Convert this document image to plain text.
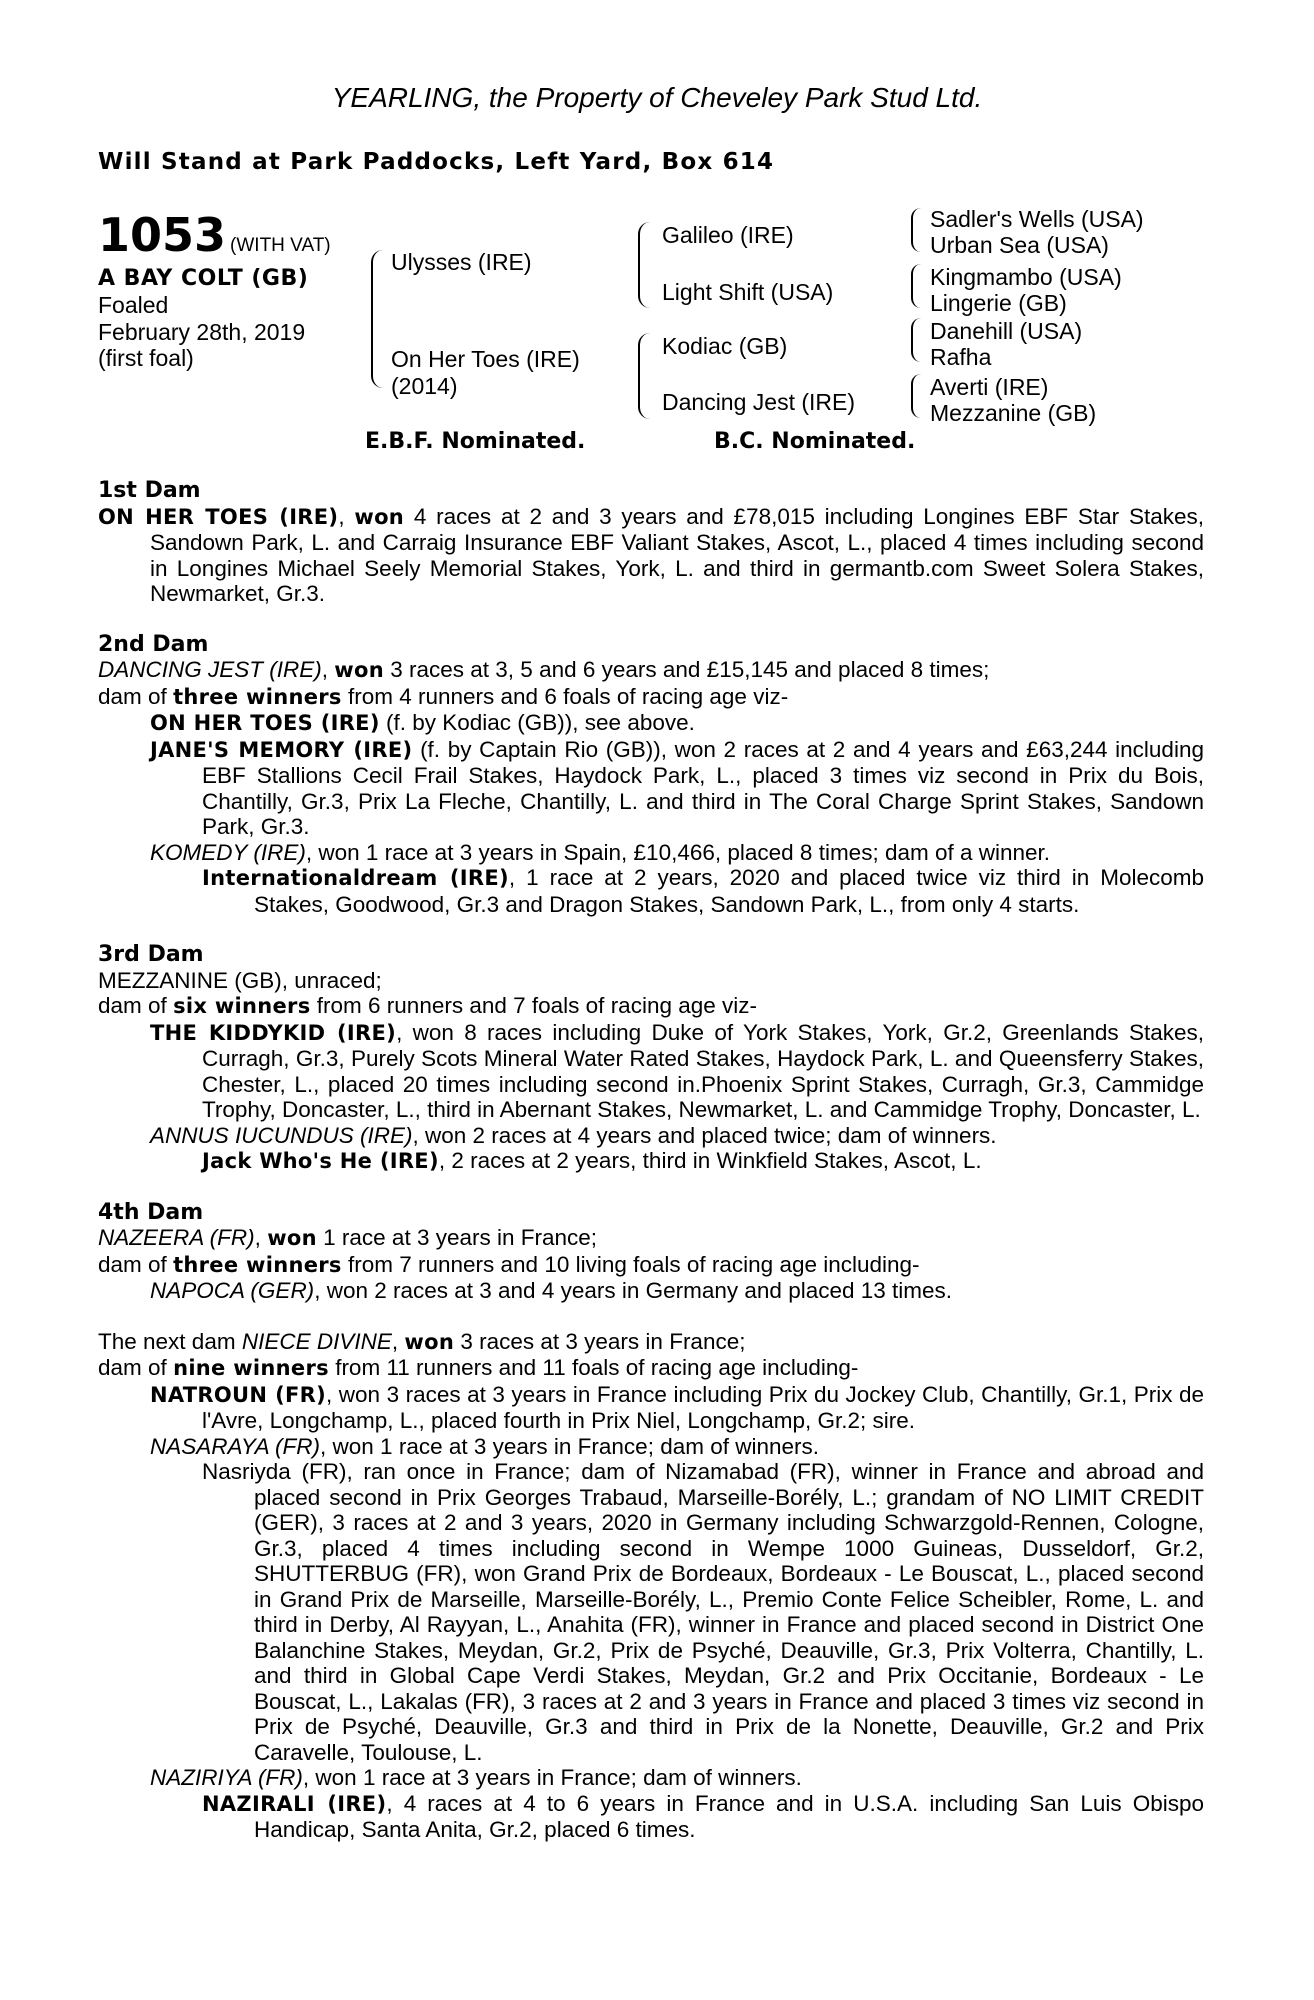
YEARLING, the Property of Cheveley Park Stud Ltd.
Will Stand at Park Paddocks, Left Yard, Box 614
1053 (WITH VAT)
A BAY COLT (GB)
Foaled
February 28th, 2019
(first foal)
Ulysses (IRE)
On Her Toes (IRE)
(2014)
Galileo (IRE)
Light Shift (USA)
Kodiac (GB)
Dancing Jest (IRE)
Sadler's Wells (USA)
Urban Sea (USA)
Kingmambo (USA)
Lingerie (GB)
Danehill (USA)
Rafha
Averti (IRE)
Mezzanine (GB)
E.B.F. Nominated.	B.C. Nominated.
1st Dam

ON HER TOES (IRE), won 4 races at 2 and 3 years and £78,015 including Longines EBF Star Stakes, Sandown Park, L. and Carraig Insurance EBF Valiant Stakes, Ascot, L., placed 4 times including second in Longines Michael Seely Memorial Stakes, York, L. and third in germantb.com Sweet Solera Stakes, Newmarket, Gr.3.

2nd Dam

DANCING JEST (IRE), won 3 races at 3, 5 and 6 years and £15,145 and placed 8 times;

dam of three winners from 4 runners and 6 foals of racing age viz-

ON HER TOES (IRE) (f. by Kodiac (GB)), see above.

JANE'S MEMORY (IRE) (f. by Captain Rio (GB)), won 2 races at 2 and 4 years and £63,244 including EBF Stallions Cecil Frail Stakes, Haydock Park, L., placed 3 times viz second in Prix du Bois, Chantilly, Gr.3, Prix La Fleche, Chantilly, L. and third in The Coral Charge Sprint Stakes, Sandown Park, Gr.3.

KOMEDY (IRE), won 1 race at 3 years in Spain, £10,466, placed 8 times; dam of a winner.

Internationaldream (IRE), 1 race at 2 years, 2020 and placed twice viz third in Molecomb Stakes, Goodwood, Gr.3 and Dragon Stakes, Sandown Park, L., from only 4 starts.

3rd Dam

MEZZANINE (GB), unraced;

dam of six winners from 6 runners and 7 foals of racing age viz-

THE KIDDYKID (IRE), won 8 races including Duke of York Stakes, York, Gr.2, Greenlands Stakes, Curragh, Gr.3, Purely Scots Mineral Water Rated Stakes, Haydock Park, L. and Queensferry Stakes, Chester, L., placed 20 times including second in.Phoenix Sprint Stakes, Curragh, Gr.3, Cammidge Trophy, Doncaster, L., third in Abernant Stakes, Newmarket, L. and Cammidge Trophy, Doncaster, L.

ANNUS IUCUNDUS (IRE), won 2 races at 4 years and placed twice; dam of winners.

Jack Who's He (IRE), 2 races at 2 years, third in Winkfield Stakes, Ascot, L.

4th Dam

NAZEERA (FR), won 1 race at 3 years in France;

dam of three winners from 7 runners and 10 living foals of racing age including-

NAPOCA (GER), won 2 races at 3 and 4 years in Germany and placed 13 times.

The next dam NIECE DIVINE, won 3 races at 3 years in France;

dam of nine winners from 11 runners and 11 foals of racing age including-

NATROUN (FR), won 3 races at 3 years in France including Prix du Jockey Club, Chantilly, Gr.1, Prix de l'Avre, Longchamp, L., placed fourth in Prix Niel, Longchamp, Gr.2; sire.

NASARAYA (FR), won 1 race at 3 years in France; dam of winners.

Nasriyda (FR), ran once in France; dam of Nizamabad (FR), winner in France and abroad and placed second in Prix Georges Trabaud, Marseille-Borély, L.; grandam of NO LIMIT CREDIT (GER), 3 races at 2 and 3 years, 2020 in Germany including Schwarzgold-Rennen, Cologne, Gr.3, placed 4 times including second in Wempe 1000 Guineas, Dusseldorf, Gr.2, SHUTTERBUG (FR), won Grand Prix de Bordeaux, Bordeaux - Le Bouscat, L., placed second in Grand Prix de Marseille, Marseille-Borély, L., Premio Conte Felice Scheibler, Rome, L. and third in Derby, Al Rayyan, L., Anahita (FR), winner in France and placed second in District One Balanchine Stakes, Meydan, Gr.2, Prix de Psyché, Deauville, Gr.3, Prix Volterra, Chantilly, L. and third in Global Cape Verdi Stakes, Meydan, Gr.2 and Prix Occitanie, Bordeaux - Le Bouscat, L., Lakalas (FR), 3 races at 2 and 3 years in France and placed 3 times viz second in Prix de Psyché, Deauville, Gr.3 and third in Prix de la Nonette, Deauville, Gr.2 and Prix Caravelle, Toulouse, L.

NAZIRIYA (FR), won 1 race at 3 years in France; dam of winners.

NAZIRALI (IRE), 4 races at 4 to 6 years in France and in U.S.A. including San Luis Obispo Handicap, Santa Anita, Gr.2, placed 6 times.
